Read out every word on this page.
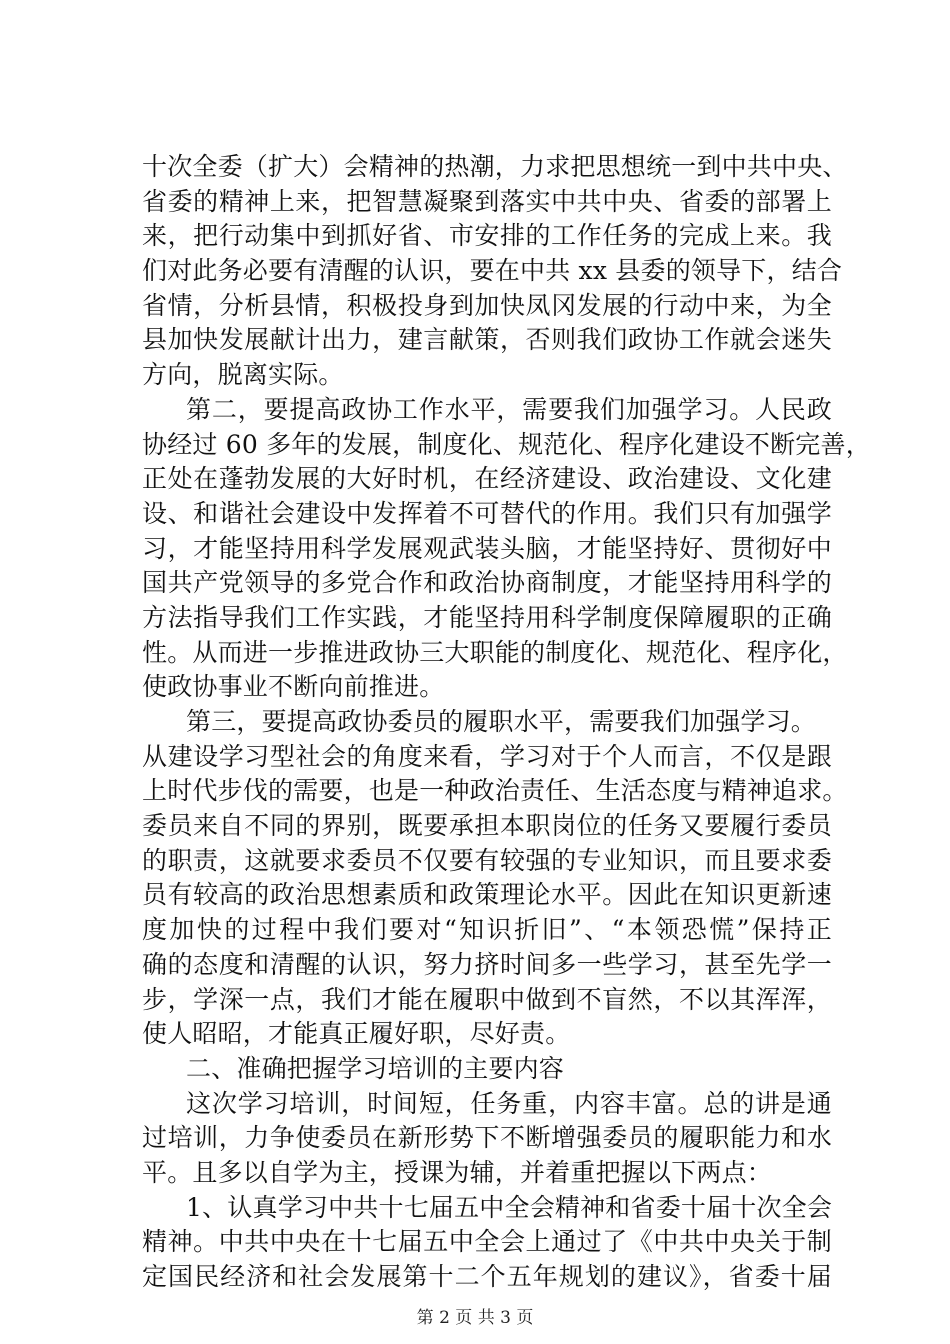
十次全委（扩大）会精神的热潮，力求把思想统一到中共中央、
省委的精神上来，把智慧凝聚到落实中共中央、省委的部署上
来，把行动集中到抓好省、市安排的工作任务的完成上来。我
们对此务必要有清醒的认识，要在中共 xx 县委的领导下，结合
省情，分析县情，积极投身到加快凤冈发展的行动中来，为全
县加快发展献计出力，建言献策，否则我们政协工作就会迷失
方向，脱离实际。
第二，要提高政协工作水平，需要我们加强学习。人民政
协经过 60 多年的发展，制度化、规范化、程序化建设不断完善，
正处在蓬勃发展的大好时机，在经济建设、政治建设、文化建
设、和谐社会建设中发挥着不可替代的作用。我们只有加强学
习，才能坚持用科学发展观武装头脑，才能坚持好、贯彻好中
国共产党领导的多党合作和政治协商制度，才能坚持用科学的
方法指导我们工作实践，才能坚持用科学制度保障履职的正确
性。从而进一步推进政协三大职能的制度化、规范化、程序化，
使政协事业不断向前推进。
第三，要提高政协委员的履职水平，需要我们加强学习。
从建设学习型社会的角度来看，学习对于个人而言，不仅是跟
上时代步伐的需要，也是一种政治责任、生活态度与精神追求。
委员来自不同的界别，既要承担本职岗位的任务又要履行委员
的职责，这就要求委员不仅要有较强的专业知识，而且要求委
员有较高的政治思想素质和政策理论水平。因此在知识更新速
度加快的过程中我们要对“知识折旧”、“本领恐慌”保持正
确的态度和清醒的认识，努力挤时间多一些学习，甚至先学一
步，学深一点，我们才能在履职中做到不盲然，不以其浑浑，
使人昭昭，才能真正履好职，尽好责。
二、准确把握学习培训的主要内容
这次学习培训，时间短，任务重，内容丰富。总的讲是通
过培训，力争使委员在新形势下不断增强委员的履职能力和水
平。且多以自学为主，授课为辅，并着重把握以下两点：
1、认真学习中共十七届五中全会精神和省委十届十次全会
精神。中共中央在十七届五中全会上通过了《中共中央关于制
定国民经济和社会发展第十二个五年规划的建议》，省委十届
第 2 页 共 3 页
